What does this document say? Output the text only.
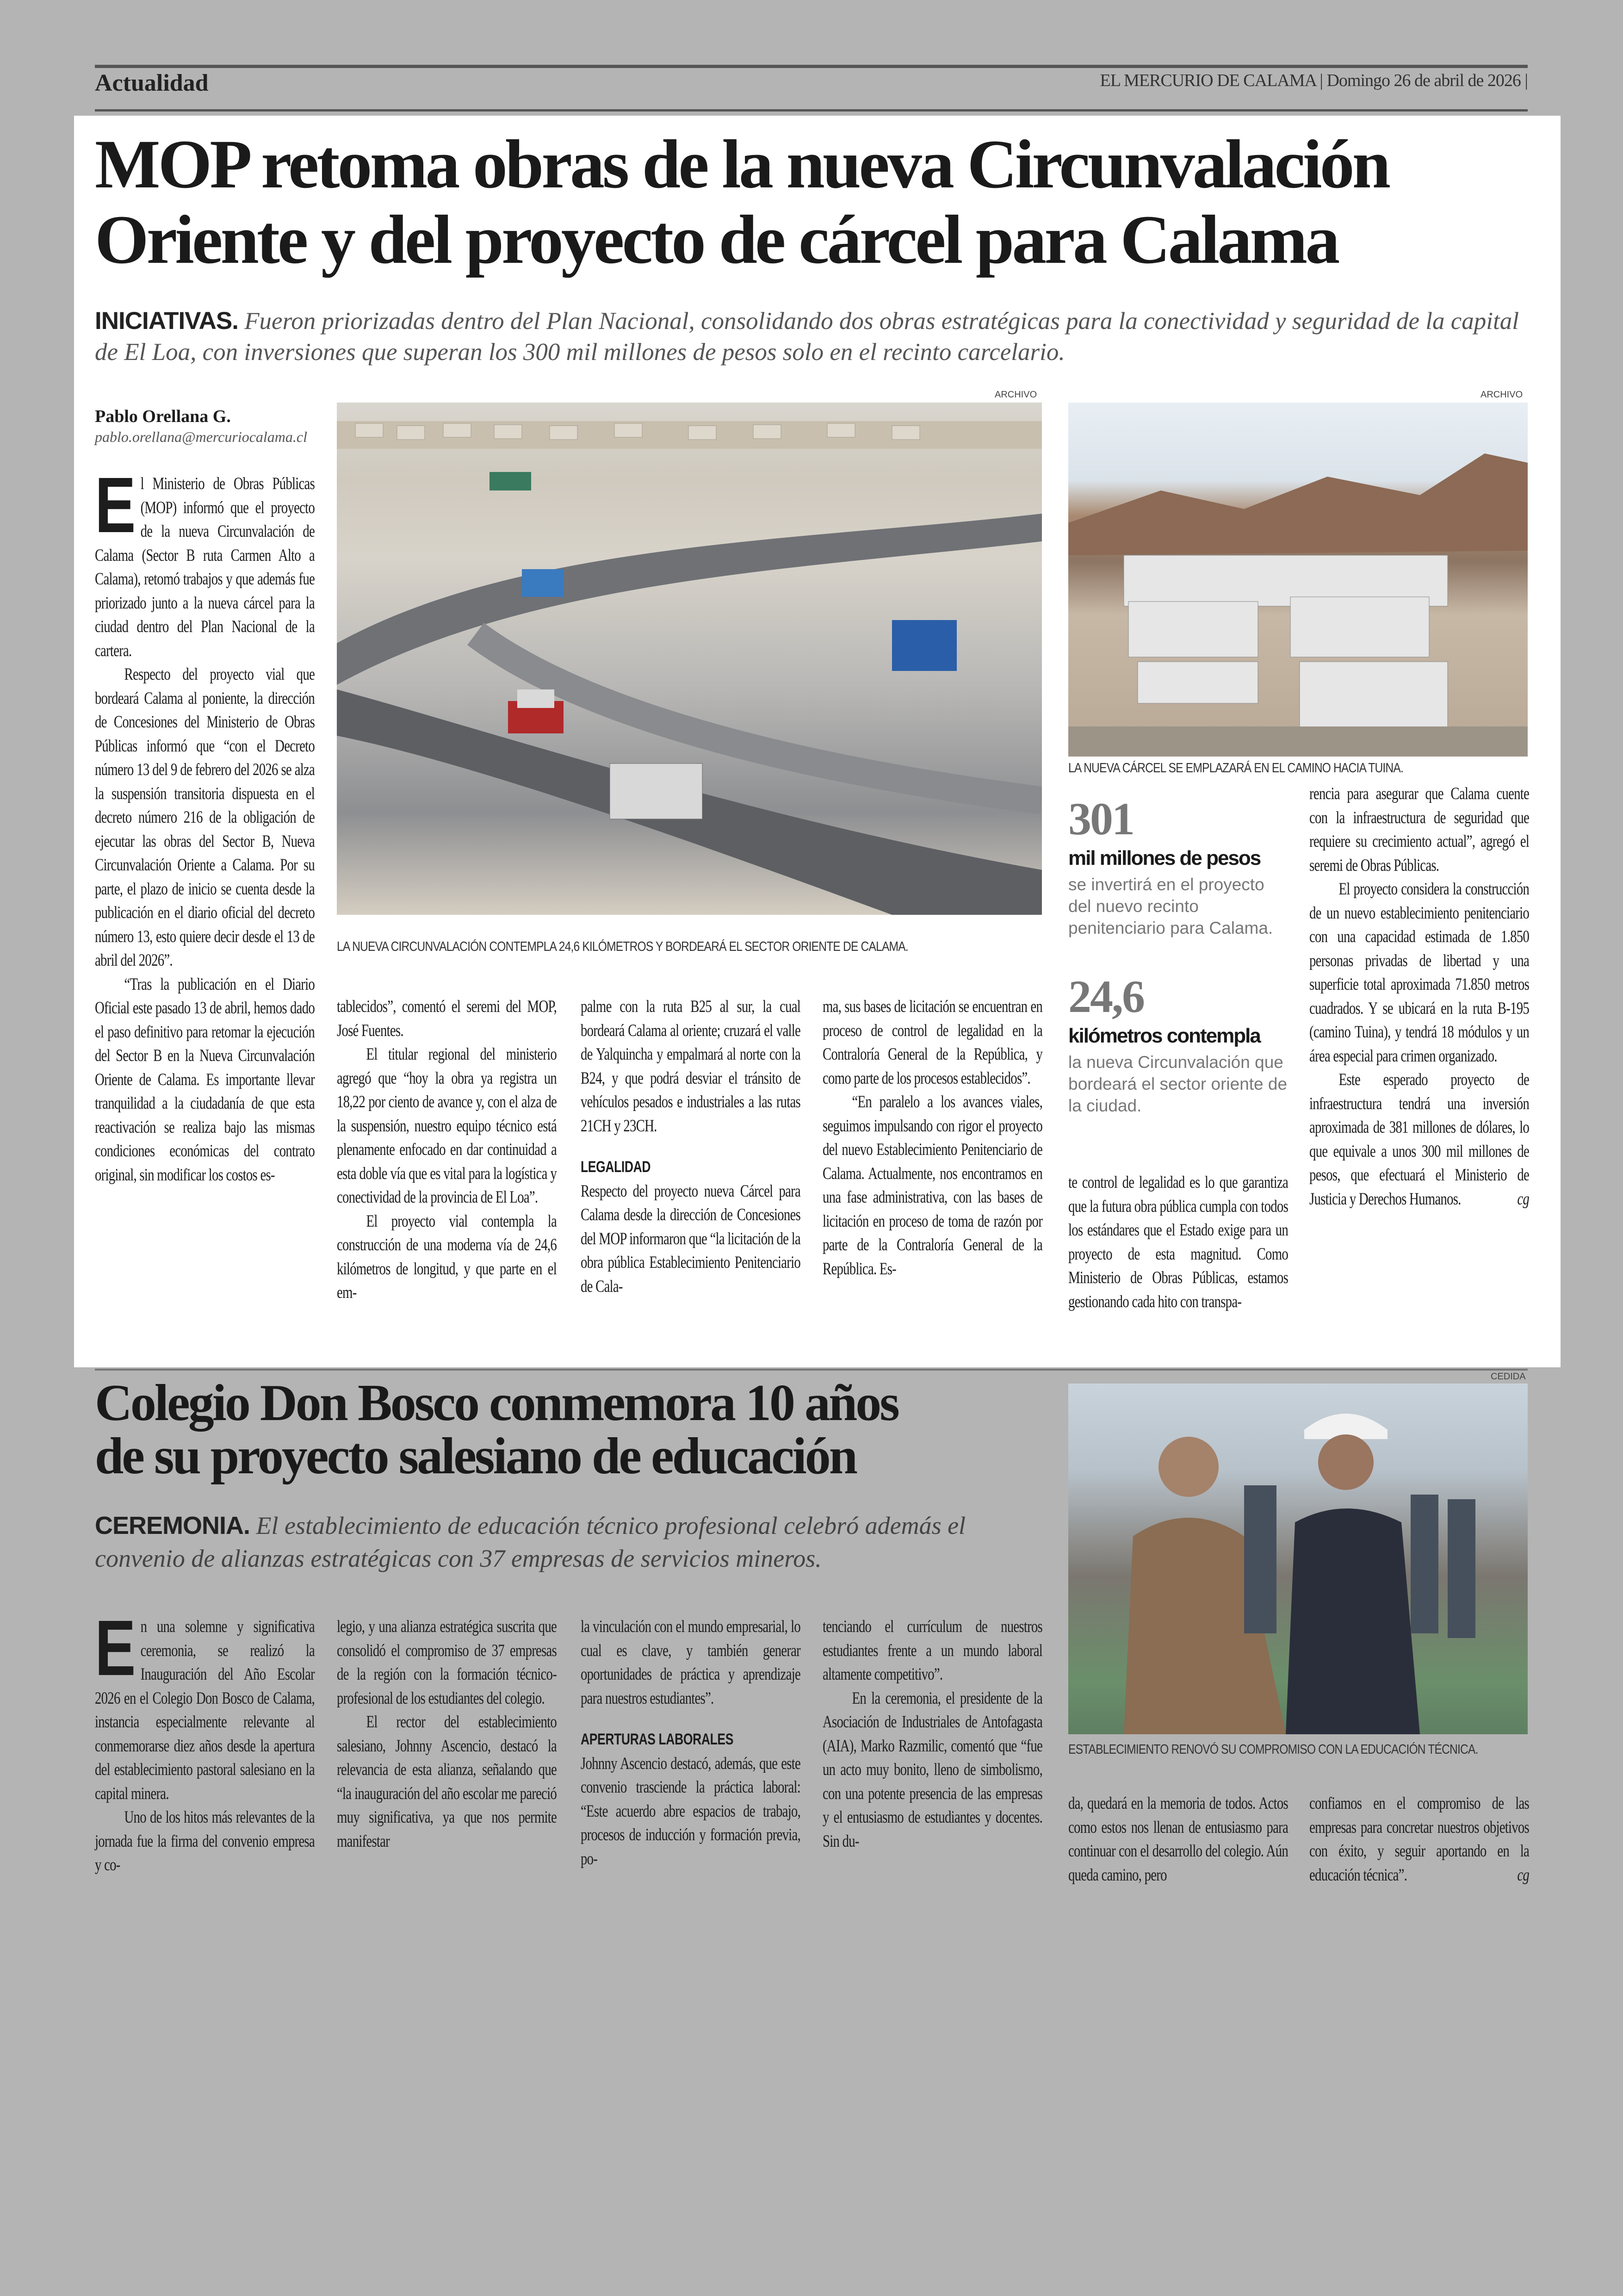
Actualidad	EL MERCURIO DE CALAMA | Domingo 26 de abril de 2026 |
MOP retoma obras de la nueva Circunvalación
Oriente y del proyecto de cárcel para Calama
INICIATIVAS. Fueron priorizadas dentro del Plan Nacional, consolidando dos obras estratégicas para la conectividad y seguridad de la capital de El Loa, con inversiones que superan los 300 mil millones de pesos solo en el recinto carcelario.
Pablo Orellana G.
pablo.orellana@mercuriocalama.cl
ARCHIVO
LA NUEVA CIRCUNVALACIÓN CONTEMPLA 24,6 KILÓMETROS Y BORDEARÁ EL SECTOR ORIENTE DE CALAMA.
ARCHIVO
LA NUEVA CÁRCEL SE EMPLAZARÁ EN EL CAMINO HACIA TUINA.
301
mil millones de pesos
se invertirá en el proyecto del nuevo recinto penitenciario para Calama.
24,6
kilómetros contempla
la nueva Circunvalación que bordeará el sector oriente de la ciudad.

El Ministerio de Obras Públicas (MOP) informó que el proyecto de la nueva Circunvalación de Calama (Sector B ruta Carmen Alto a Calama), retomó trabajos y que además fue priorizado junto a la nueva cárcel para la ciudad dentro del Plan Nacional de la cartera.

Respecto del proyecto vial que bordeará Calama al poniente, la dirección de Concesiones del Ministerio de Obras Públicas informó que “con el Decreto número 13 del 9 de febrero del 2026 se alza la suspensión transitoria dispuesta en el decreto número 216 de la obligación de ejecutar las obras del Sector B, Nueva Circunvalación Oriente a Calama. Por su parte, el plazo de inicio se cuenta desde la publicación en el diario oficial del decreto número 13, esto quiere decir desde el 13 de abril del 2026”.

“Tras la publicación en el Diario Oficial este pasado 13 de abril, hemos dado el paso definitivo para retomar la ejecución del Sector B en la Nueva Circunvalación Oriente de Calama. Es importante llevar tranquilidad a la ciudadanía de que esta reactivación se realiza bajo las mismas condiciones económicas del contrato original, sin modificar los costos es-

tablecidos”, comentó el seremi del MOP, José Fuentes.

El titular regional del ministerio agregó que “hoy la obra ya registra un 18,22 por ciento de avance y, con el alza de la suspensión, nuestro equipo técnico está plenamente enfocado en dar continuidad a esta doble vía que es vital para la logística y conectividad de la provincia de El Loa”.

El proyecto vial contempla la construcción de una moderna vía de 24,6 kilómetros de longitud, y que parte en el em-

palme con la ruta B25 al sur, la cual bordeará Calama al oriente; cruzará el valle de Yalquincha y empalmará al norte con la B24, y que podrá desviar el tránsito de vehículos pesados e industriales a las rutas 21CH y 23CH.

LEGALIDAD

Respecto del proyecto nueva Cárcel para Calama desde la dirección de Concesiones del MOP informaron que “la licitación de la obra pública Establecimiento Penitenciario de Cala-

ma, sus bases de licitación se encuentran en proceso de control de legalidad en la Contraloría General de la República, y como parte de los procesos establecidos”.

“En paralelo a los avances viales, seguimos impulsando con rigor el proyecto del nuevo Establecimiento Penitenciario de Calama. Actualmente, nos encontramos en una fase administrativa, con las bases de licitación en proceso de toma de razón por parte de la Contraloría General de la República. Es-

te control de legalidad es lo que garantiza que la futura obra pública cumpla con todos los estándares que el Estado exige para un proyecto de esta magnitud. Como Ministerio de Obras Públicas, estamos gestionando cada hito con transpa-

rencia para asegurar que Calama cuente con la infraestructura de seguridad que requiere su crecimiento actual”, agregó el seremi de Obras Públicas.

El proyecto considera la construcción de un nuevo establecimiento penitenciario con una capacidad estimada de 1.850 personas privadas de libertad y una superficie total aproximada 71.850 metros cuadrados. Y se ubicará en la ruta B-195 (camino Tuina), y tendrá 18 módulos y un área especial para crimen organizado.

Este esperado proyecto de infraestructura tendrá una inversión aproximada de 381 millones de dólares, lo que equivale a unos 300 mil millones de pesos, que efectuará el Ministerio de Justicia y Derechos Humanos.	cg

Colegio Don Bosco conmemora 10 años
de su proyecto salesiano de educación
CEREMONIA. El establecimiento de educación técnico profesional celebró además el convenio de alianzas estratégicas con 37 empresas de servicios mineros.
CEDIDA
ESTABLECIMIENTO RENOVÓ SU COMPROMISO CON LA EDUCACIÓN TÉCNICA.

En una solemne y significativa ceremonia, se realizó la Inauguración del Año Escolar 2026 en el Colegio Don Bosco de Calama, instancia especialmente relevante al conmemorarse diez años desde la apertura del establecimiento pastoral salesiano en la capital minera.

Uno de los hitos más relevantes de la jornada fue la firma del convenio empresa y co-

legio, y una alianza estratégica suscrita que consolidó el compromiso de 37 empresas de la región con la formación técnico-profesional de los estudiantes del colegio.

El rector del establecimiento salesiano, Johnny Ascencio, destacó la relevancia de esta alianza, señalando que “la inauguración del año escolar me pareció muy significativa, ya que nos permite manifestar

la vinculación con el mundo empresarial, lo cual es clave, y también generar oportunidades de práctica y aprendizaje para nuestros estudiantes”.

APERTURAS LABORALES

Johnny Ascencio destacó, además, que este convenio trasciende la práctica laboral: “Este acuerdo abre espacios de trabajo, procesos de inducción y formación previa, po-

tenciando el currículum de nuestros estudiantes frente a un mundo laboral altamente competitivo”.

En la ceremonia, el presidente de la Asociación de Industriales de Antofagasta (AIA), Marko Razmilic, comentó que “fue un acto muy bonito, lleno de simbolismo, con una potente presencia de las empresas y el entusiasmo de estudiantes y docentes. Sin du-

da, quedará en la memoria de todos. Actos como estos nos llenan de entusiasmo para continuar con el desarrollo del colegio. Aún queda camino, pero

confiamos en el compromiso de las empresas para concretar nuestros objetivos con éxito, y seguir aportando en la educación técnica”.	cg
